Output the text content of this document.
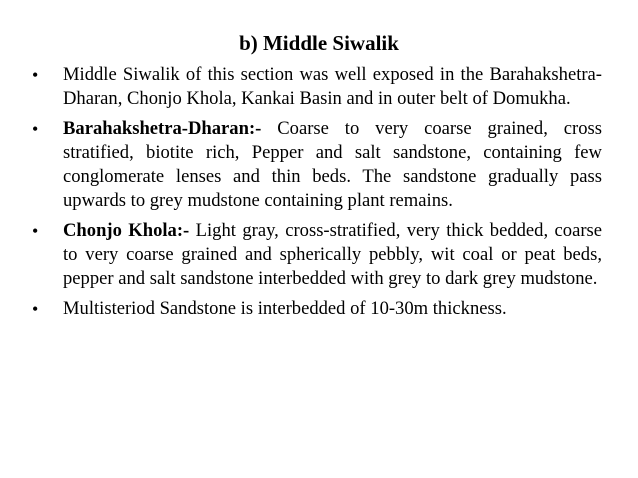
b) Middle Siwalik
•	Middle Siwalik of this section was well exposed in the Barahakshetra-Dharan, Chonjo Khola, Kankai Basin and in outer belt of Domukha.
•	Barahakshetra-Dharan:- Coarse to very coarse grained, cross stratified, biotite rich, Pepper and salt sandstone, containing few conglomerate lenses and thin beds. The sandstone gradually pass upwards to grey mudstone containing plant remains.
•	Chonjo Khola:- Light gray, cross-stratified, very thick bedded, coarse to very coarse grained and spherically pebbly, wit coal or peat beds, pepper and salt sandstone interbedded with grey to dark grey mudstone.
•	Multisteriod Sandstone is interbedded of 10-30m thickness.
